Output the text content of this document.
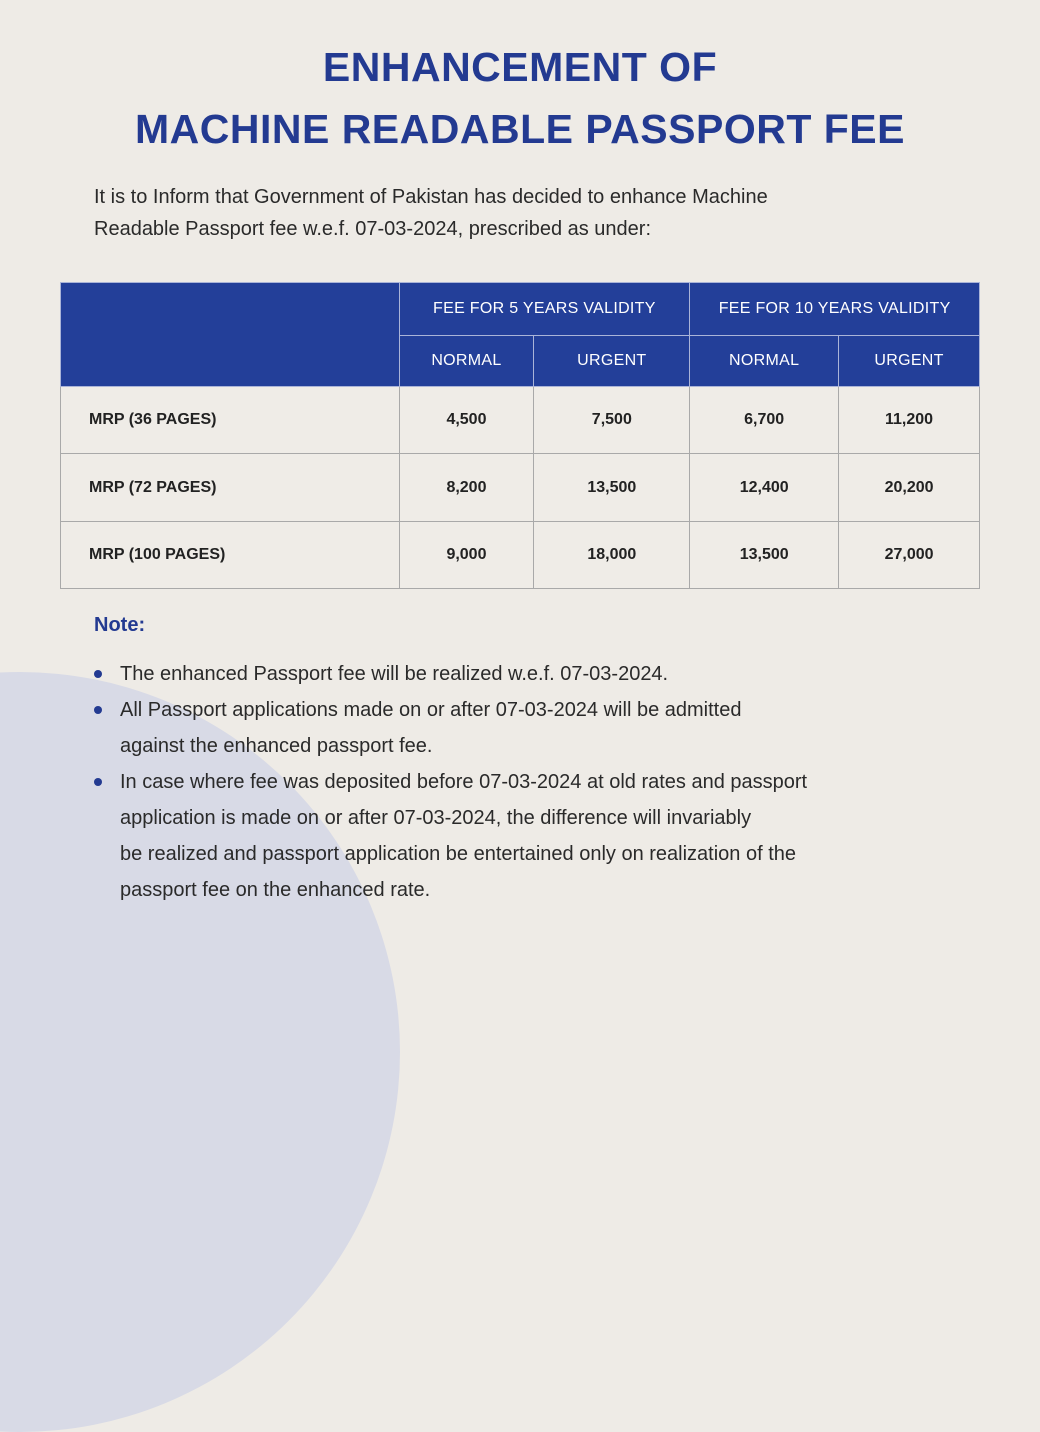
ENHANCEMENT OF
MACHINE READABLE PASSPORT FEE
It is to Inform that Government of Pakistan has decided to enhance Machine
Readable Passport fee w.e.f. 07-03-2024, prescribed as under:
	FEE FOR 5 YEARS VALIDITY		FEE FOR 10 YEARS VALIDITY	
	NORMAL	URGENT	NORMAL	URGENT
MRP (36 PAGES)	4,500	7,500	6,700	11,200
MRP (72 PAGES)	8,200	13,500	12,400	20,200
MRP (100 PAGES)	9,000	18,000	13,500	27,000
Note:
The enhanced Passport fee will be realized w.e.f. 07-03-2024.
All Passport applications made on or after 07-03-2024 will be admitted
against the enhanced passport fee.
In case where fee was deposited before 07-03-2024 at old rates and passport
application is made on or after 07-03-2024, the difference will invariably
be realized and passport application be entertained only on realization of the
passport fee on the enhanced rate.
